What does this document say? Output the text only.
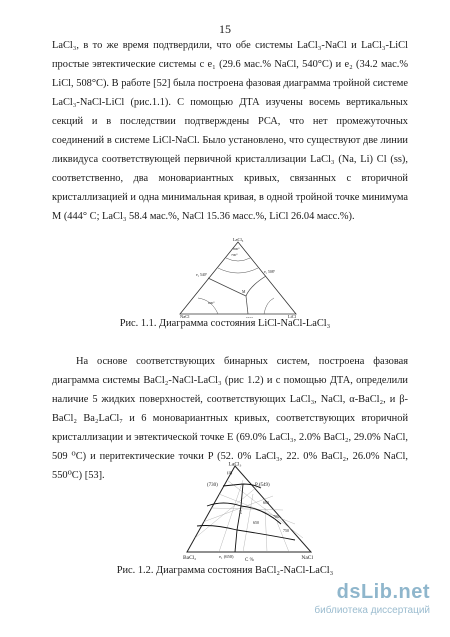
15

LaCl₃, в то же время подтвердили, что обе системы LaCl₃-NaCl и LaCl₃-LiCl простые эвтектические системы с e₁ (29.6 мас.% NaCl, 540°C) и e₂ (34.2 мас.% LiCl, 508°C). В работе [52] была построена фазовая диаграмма тройной системе LaCl₃-NaCl-LiCl (рис.1.1). С помощью ДТА изучены восемь вертикальных секций и в последствии подтверждены РСА, что нет промежуточных соединений в системе LiCl-NaCl. Было установлено, что существуют две линии ликвидуса соответствующей первичной кристаллизации LaCl₃ (Na, Li) Cl (ss), соответственно, два моновариантных кривых, связанных с вторичной кристаллизацией и одна минимальная кривая, в одной тройной точке минимума M (444° C; LaCl₃ 58.4 мас.%, NaCl 15.36 масс.%, LiCl 26.04 масс.%).

LaCl₃
NaCl	LiCl
e₁ 540°
e₂ 508°
M
700°
800°
600°
Рис. 1.1. Диаграмма состояния LiCl-NaCl-LaCl₃

На основе соответствующих бинарных систем, построена фазовая диаграмма системы BaCl₂-NaCl-LaCl₃ (рис 1.2) и с помощью ДТА, определили наличие 5 жидких поверхностей, соответствующих LaCl₃, NaCl, α-BaCl₂, и β-BaCl₂ Ba₂LaCl₇ и 6 моновариантных кривых, соответствующих вторичной кристаллизации и эвтектической точке E (69.0% LaCl₃, 2.0% BaCl₂, 29.0% NaCl, 509 ⁰C) и перитектические точки P (52. 0% LaCl₃, 22. 0% BaCl₂, 26.0% NaCl, 550⁰C) [53].

LaCl₃
BaCl₂	NaCl
C %
(730)	P (549)
E
e₁ (650)
(4)
600
700
750
650
Рис. 1.2. Диаграмма состояния BaCl₂-NaCl-LaCl₃
dsLib.net
библиотека диссертаций
